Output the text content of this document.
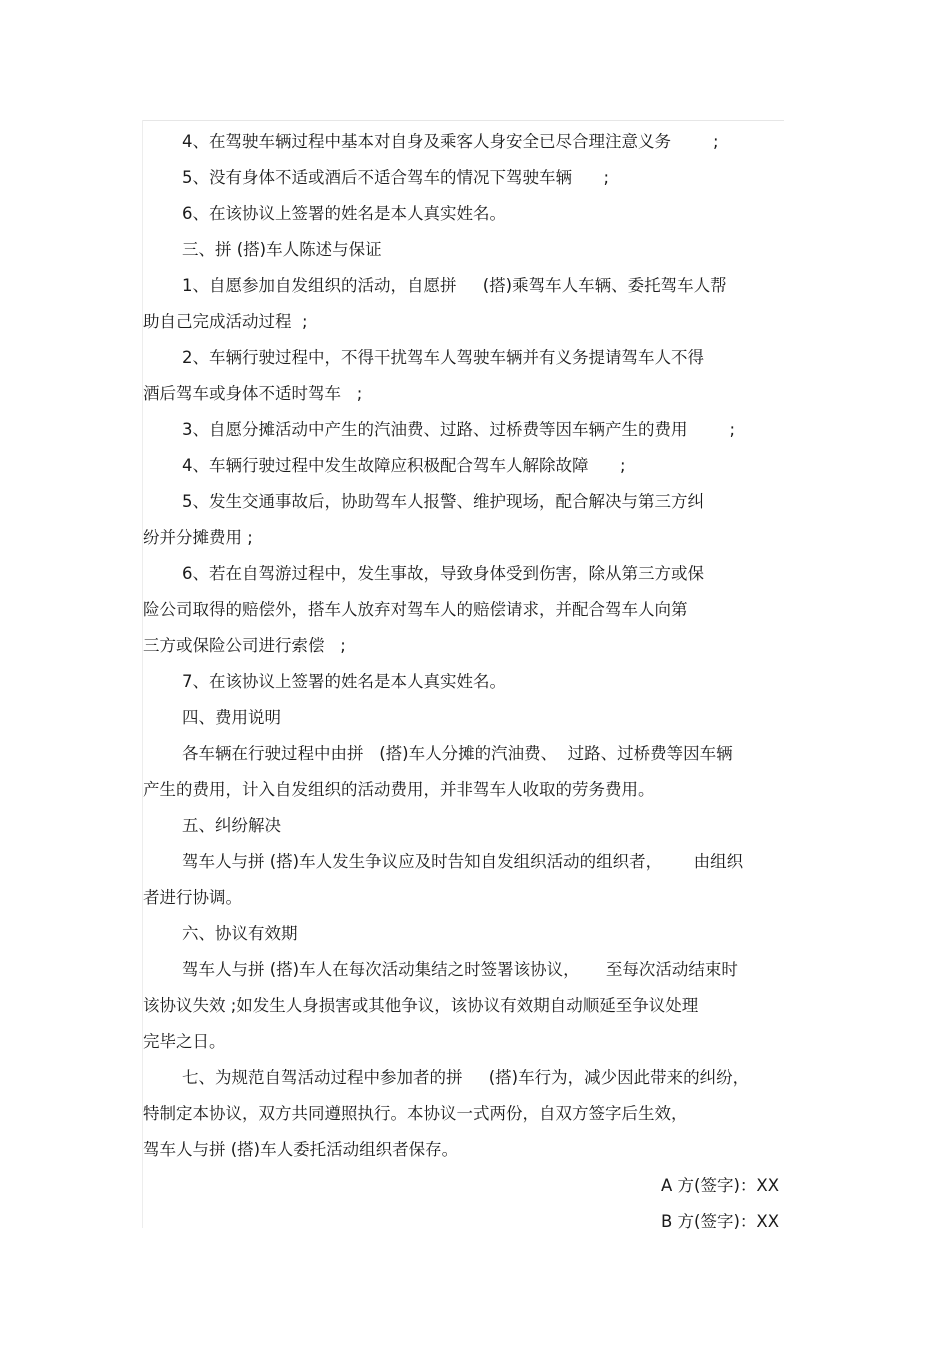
4、在驾驶车辆过程中基本对自身及乘客人身安全已尽合理注意义务        ;
5、没有身体不适或酒后不适合驾车的情况下驾驶车辆      ;
6、在该协议上签署的姓名是本人真实姓名。
三、拼 (搭)车人陈述与保证
1、自愿参加自发组织的活动，自愿拼     (搭)乘驾车人车辆、委托驾车人帮
助自己完成活动过程  ;
2、车辆行驶过程中，不得干扰驾车人驾驶车辆并有义务提请驾车人不得
酒后驾车或身体不适时驾车   ;
3、自愿分摊活动中产生的汽油费、过路、过桥费等因车辆产生的费用        ;
4、车辆行驶过程中发生故障应积极配合驾车人解除故障      ;
5、发生交通事故后，协助驾车人报警、维护现场，配合解决与第三方纠
纷并分摊费用 ;
6、若在自驾游过程中，发生事故，导致身体受到伤害，除从第三方或保
险公司取得的赔偿外，搭车人放弃对驾车人的赔偿请求，并配合驾车人向第
三方或保险公司进行索偿   ;
7、在该协议上签署的姓名是本人真实姓名。
四、费用说明
各车辆在行驶过程中由拼   (搭)车人分摊的汽油费、  过路、过桥费等因车辆
产生的费用，计入自发组织的活动费用，并非驾车人收取的劳务费用。
五、纠纷解决
驾车人与拼 (搭)车人发生争议应及时告知自发组织活动的组织者，      由组织
者进行协调。
六、协议有效期
驾车人与拼 (搭)车人在每次活动集结之时签署该协议，     至每次活动结束时
该协议失效 ;如发生人身损害或其他争议，该协议有效期自动顺延至争议处理
完毕之日。
七、为规范自驾活动过程中参加者的拼     (搭)车行为，减少因此带来的纠纷，
特制定本协议，双方共同遵照执行。本协议一式两份，自双方签字后生效，
驾车人与拼 (搭)车人委托活动组织者保存。
A 方(签字)：XX
B 方(签字)：XX
